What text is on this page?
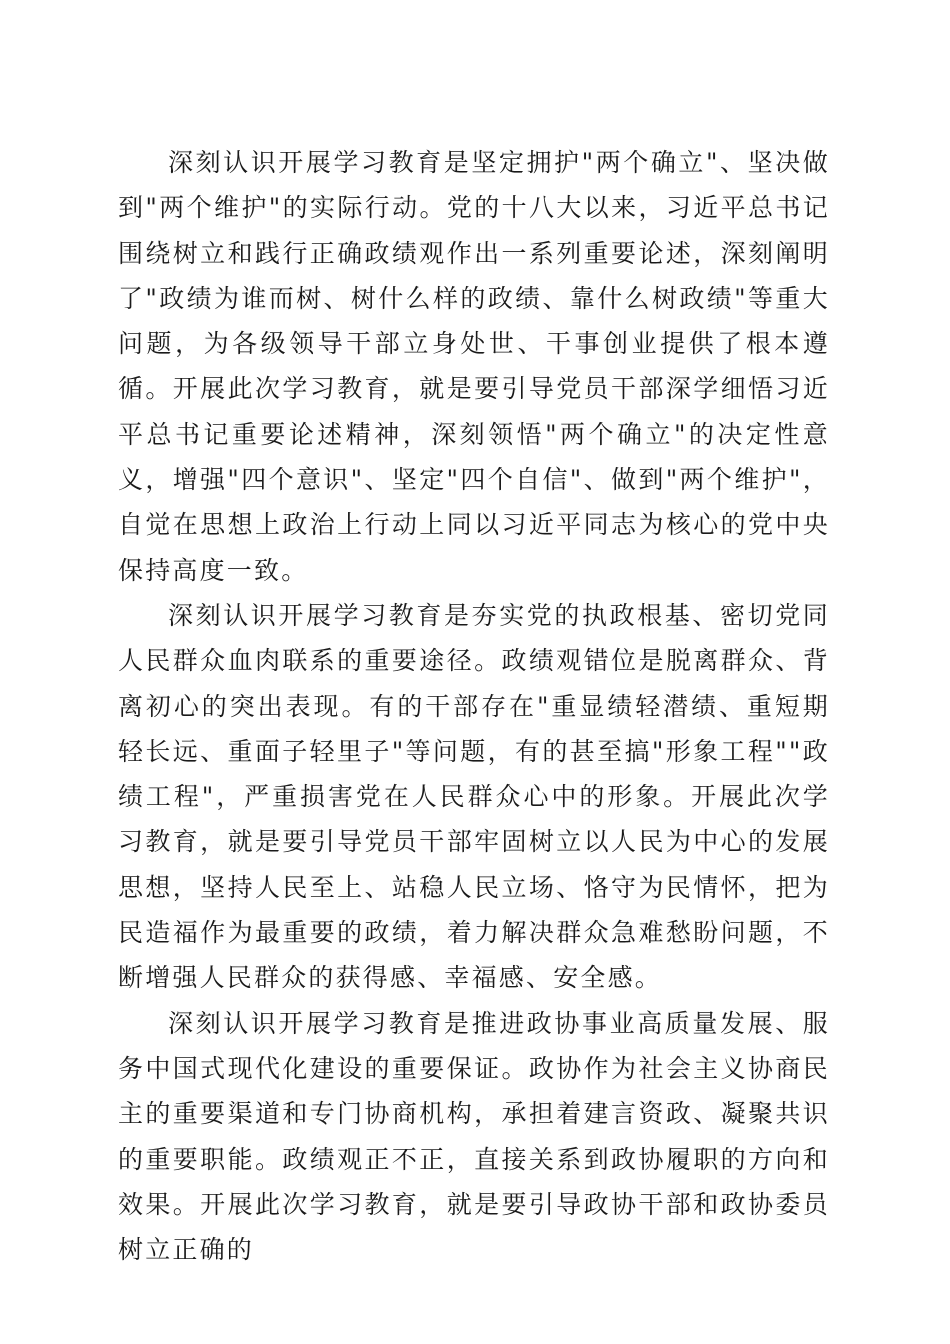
深刻认识开展学习教育是坚定拥护"两个确立"、坚决做到"两个维护"的实际行动。党的十八大以来，习近平总书记围绕树立和践行正确政绩观作出一系列重要论述，深刻阐明了"政绩为谁而树、树什么样的政绩、靠什么树政绩"等重大问题，为各级领导干部立身处世、干事创业提供了根本遵循。开展此次学习教育，就是要引导党员干部深学细悟习近平总书记重要论述精神，深刻领悟"两个确立"的决定性意义，增强"四个意识"、坚定"四个自信"、做到"两个维护"，自觉在思想上政治上行动上同以习近平同志为核心的党中央保持高度一致。

深刻认识开展学习教育是夯实党的执政根基、密切党同人民群众血肉联系的重要途径。政绩观错位是脱离群众、背离初心的突出表现。有的干部存在"重显绩轻潜绩、重短期轻长远、重面子轻里子"等问题，有的甚至搞"形象工程""政绩工程"，严重损害党在人民群众心中的形象。开展此次学习教育，就是要引导党员干部牢固树立以人民为中心的发展思想，坚持人民至上、站稳人民立场、恪守为民情怀，把为民造福作为最重要的政绩，着力解决群众急难愁盼问题，不断增强人民群众的获得感、幸福感、安全感。

深刻认识开展学习教育是推进政协事业高质量发展、服务中国式现代化建设的重要保证。政协作为社会主义协商民主的重要渠道和专门协商机构，承担着建言资政、凝聚共识的重要职能。政绩观正不正，直接关系到政协履职的方向和效果。开展此次学习教育，就是要引导政协干部和政协委员树立正确的
